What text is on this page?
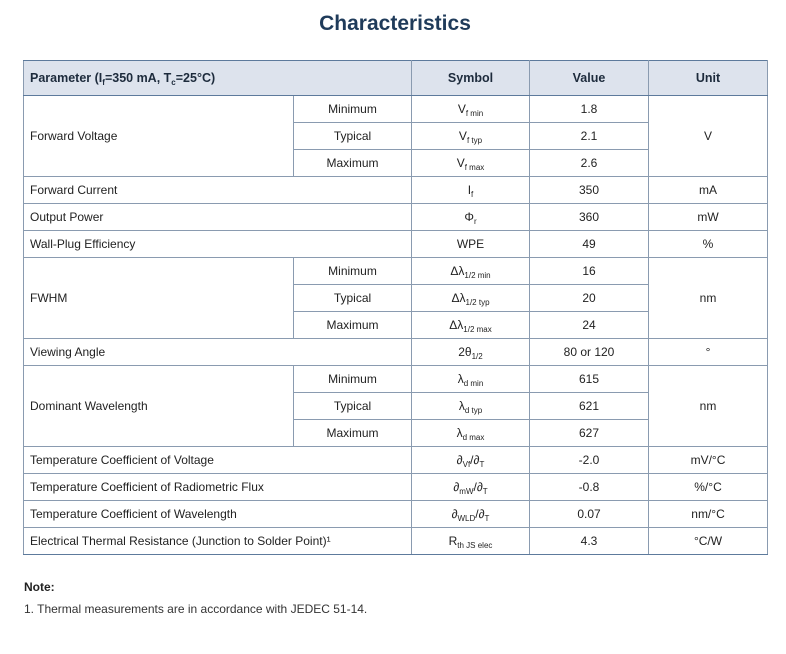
Characteristics
Parameter ($I_f=350$ mA, $T_c=25^\circ C$)		Symbol	Value	Unit
Forward Voltage	Minimum	$V_{f min}$	1.8	V
	Typical	$V_{f typ}$	2.1	
	Maximum	$V_{f max}$	2.6	
Forward Current		$I_f$	350	mA
Output Power		$\Phi_r$	360	mW
Wall-Plug Efficiency		WPE	49	%
FWHM	Minimum	$\Delta\lambda_{1/2 min}$	16	nm
	Typical	$\Delta\lambda_{1/2 typ}$	20	
	Maximum	$\Delta\lambda_{1/2 max}$	24	
Viewing Angle		$2\theta_{1/2}$	80 or 120	°
Dominant Wavelength	Minimum	$\lambda_{d min}$	615	nm
	Typical	$\lambda_{d typ}$	621	
	Maximum	$\lambda_{d max}$	627	
Temperature Coefficient of Voltage		$\partial_{Vf}/\partial_T$	-2.0	mV/°C
Temperature Coefficient of Radiometric Flux		$\partial_{mW}/\partial_T$	-0.8	%/°C
Temperature Coefficient of Wavelength		$\partial_{WLD}/\partial_T$	0.07	nm/°C
Electrical Thermal Resistance (Junction to Solder Point)¹		$R_{th JS elec}$	4.3	°C/W
Note:
1. Thermal measurements are in accordance with JEDEC 51-14.
